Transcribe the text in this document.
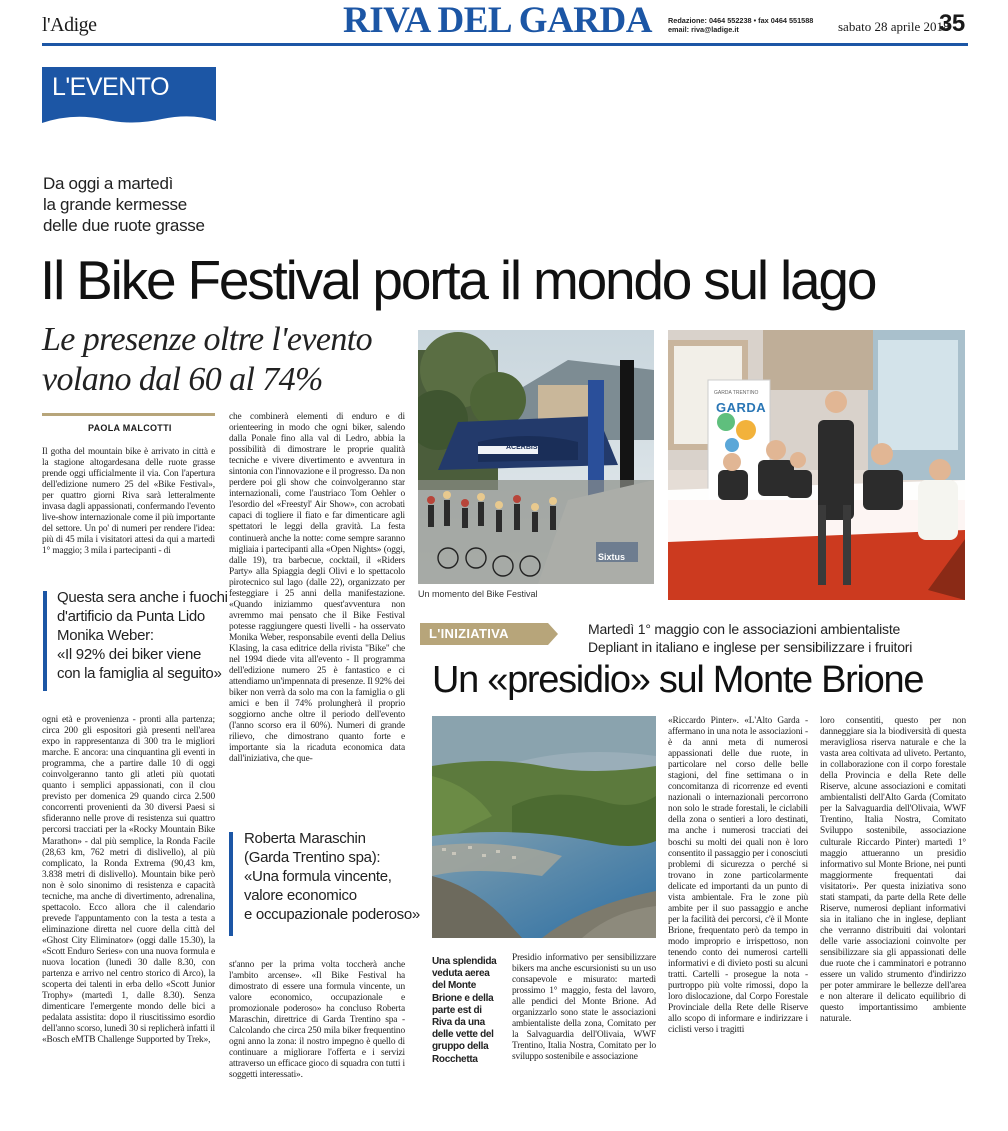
l'Adige	RIVA DEL GARDA Redazione: 0464 552238 • fax 0464 551588
email: riva@ladige.it	sabato 28 aprile 2018
35
L'EVENTO
Da oggi a martedì
la grande kermesse
delle due ruote grasse
Il Bike Festival porta il mondo sul lago
Le presenze oltre l'evento
volano dal 60 al 74%
PAOLA MALCOTTI
Il gotha del mountain bike è arrivato in città e la stagione altogardesana delle ruote grasse prende oggi ufficialmente il via. Con l'apertura dell'edizione numero 25 del «Bike Festival», per quattro giorni Riva sarà letteralmente invasa dagli appassionati, confermando l'evento live-show internazionale come il più importante del settore. Un po' di numeri per rendere l'idea: più di 45 mila i visitatori attesi da qui a martedì 1° maggio; 3 mila i partecipanti - di
Questa sera anche i fuochi
d'artificio da Punta Lido
Monika Weber:
«Il 92% dei biker viene
con la famiglia al seguito»
ogni età e provenienza - pronti alla partenza; circa 200 gli espositori già presenti nell'area expo in rappresentanza di 300 tra le migliori marche. E ancora: una cinquantina gli eventi in programma, che a partire dalle 10 di oggi coinvolgeranno tanto gli atleti più quotati quanto i semplici appassionati, con il clou previsto per domenica 29 quando circa 2.500 concorrenti provenienti da 30 diversi Paesi si sfideranno nelle prove di resistenza sui quattro percorsi tracciati per la «Rocky Mountain Bike Marathon» - dal più semplice, la Ronda Facile (28,63 km, 762 metri di dislivello), al più complicato, la Ronda Extrema (90,43 km, 3.838 metri di dislivello). Mountain bike però non è solo sinonimo di resistenza e capacità tecniche, ma anche di divertimento, adrenalina, spettacolo. Ecco allora che il calendario prevede l'appuntamento con la testa a testa a eliminazione diretta nel cuore della città del «Ghost City Eliminator» (oggi dalle 15.30), la «Scott Enduro Series» con una nuova formula e nuova location (lunedì 30 dalle 8.30, con partenza e arrivo nel centro storico di Arco), la scoperta dei talenti in erba dello «Scott Junior Trophy» (martedì 1, dalle 8.30). Senza dimenticare l'emergente mondo delle bici a pedalata assistita: dopo il riuscitissimo esordio dell'anno scorso, lunedì 30 si replicherà infatti il «Bosch eMTB Challenge Supported by Trek»,
che combinerà elementi di enduro e di orienteering in modo che ogni biker, salendo dalla Ponale fino alla val di Ledro, abbia la possibilità di dimostrare le proprie qualità tecniche e vivere divertimento e avventura in sintonia con l'innovazione e il progresso. Da non perdere poi gli show che coinvolgeranno star internazionali, come l'austriaco Tom Oehler o l'esordio del «Freestyl' Air Show», con acrobati capaci di togliere il fiato e far dimenticare agli spettatori le leggi della gravità. La festa continuerà anche la notte: come sempre saranno migliaia i partecipanti alla «Open Nights» (oggi, dalle 19), tra barbecue, cocktail, il «Riders Party» alla Spiaggia degli Olivi e lo spettacolo pirotecnico sul lago (dalle 22), organizzato per festeggiare i 25 anni della manifestazione. «Quando iniziammo quest'avventura non avremmo mai pensato che il Bike Festival potesse raggiungere questi livelli - ha osservato Monika Weber, responsabile eventi della Delius Klasing, la casa editrice della rivista "Bike" che nel 1994 diede vita all'evento - Il programma dell'edizione numero 25 è fantastico e ci attendiamo un'impennata di presenze. Il 92% dei biker non verrà da solo ma con la famiglia o gli amici e ben il 74% prolungherà il proprio soggiorno anche oltre il periodo dell'evento (l'anno scorso era il 60%). Numeri di grande rilievo, che dimostrano quanto forte e importante sia la ricaduta economica data dall'iniziativa, che que-
Roberta Maraschin
(Garda Trentino spa):
«Una formula vincente,
valore economico
e occupazionale poderoso»
st'anno per la prima volta toccherà anche l'ambito arcense». «Il Bike Festival ha dimostrato di essere una formula vincente, un valore economico, occupazionale e promozionale poderoso» ha concluso Roberta Maraschin, direttrice di Garda Trentino spa - Calcolando che circa 250 mila biker frequentino ogni anno la zona: il nostro impegno è quello di continuare a migliorare l'offerta e i servizi attraverso un efficace gioco di squadra con tutti i soggetti interessati».
ACERBIS
Sixtus
Un momento del Bike Festival
GARDA
GARDA TRENTINO
L'INIZIATIVA	Martedì 1° maggio con le associazioni ambientaliste
Depliant in italiano e inglese per sensibilizzare i fruitori
Un «presidio» sul Monte Brione
Una splendida veduta aerea del Monte Brione e della parte est di Riva da una delle vette del gruppo della Rocchetta
Presidio informativo per sensibilizzare bikers ma anche escursionisti su un uso consapevole e misurato: martedì prossimo 1° maggio, festa del lavoro, alle pendici del Monte Brione. Ad organizzarlo sono state le associazioni ambientaliste della zona, Comitato per la Salvaguardia dell'Olivaia, WWF Trentino, Italia Nostra, Comitato per lo sviluppo sostenibile e associazione
«Riccardo Pinter». «L'Alto Garda - affermano in una nota le associazioni - è da anni meta di numerosi appassionati delle due ruote, in particolare nel corso delle belle stagioni, del fine settimana o in concomitanza di ricorrenze ed eventi nazionali o internazionali percorrono non solo le strade forestali, le ciclabili della zona o sentieri a loro destinati, ma anche i numerosi tracciati dei boschi su molti dei quali non è loro consentito il passaggio per i conosciuti problemi di sicurezza o perché si trovano in zone particolarmente delicate ed importanti da un punto di vista ambientale. Fra le zone più ambite per il suo passaggio e anche per la facilità dei percorsi, c'è il Monte Brione, frequentato però da tempo in modo improprio e irrispettoso, non tenendo conto dei numerosi cartelli informativi e di divieto posti su alcuni tratti. Cartelli - prosegue la nota - purtroppo più volte rimossi, dopo la loro dislocazione, dal Corpo Forestale Provinciale della Rete delle Riserve allo scopo di informare e indirizzare i ciclisti verso i tragitti
loro consentiti, questo per non danneggiare sia la biodiversità di questa meravigliosa riserva naturale e che la vasta area coltivata ad uliveto. Pertanto, in collaborazione con il corpo forestale della Provincia e della Rete delle Riserve, alcune associazioni e comitati ambientalisti dell'Alto Garda (Comitato per la Salvaguardia dell'Olivaia, WWF Trentino, Italia Nostra, Comitato Sviluppo sostenibile, associazione culturale Riccardo Pinter) martedì 1° maggio attueranno un presidio informativo sul Monte Brione, nei punti maggiormente frequentati dai visitatori». Per questa iniziativa sono stati stampati, da parte della Rete delle Riserve, numerosi depliant informativi sia in italiano che in inglese, depliant che verranno distribuiti dai volontari delle varie associazioni coinvolte per sensibilizzare sia gli appassionati delle due ruote che i camminatori e potranno essere un valido strumento d'indirizzo per poter ammirare le bellezze dell'area e non alterare il delicato equilibrio di questo importantissimo ambiente naturale.
